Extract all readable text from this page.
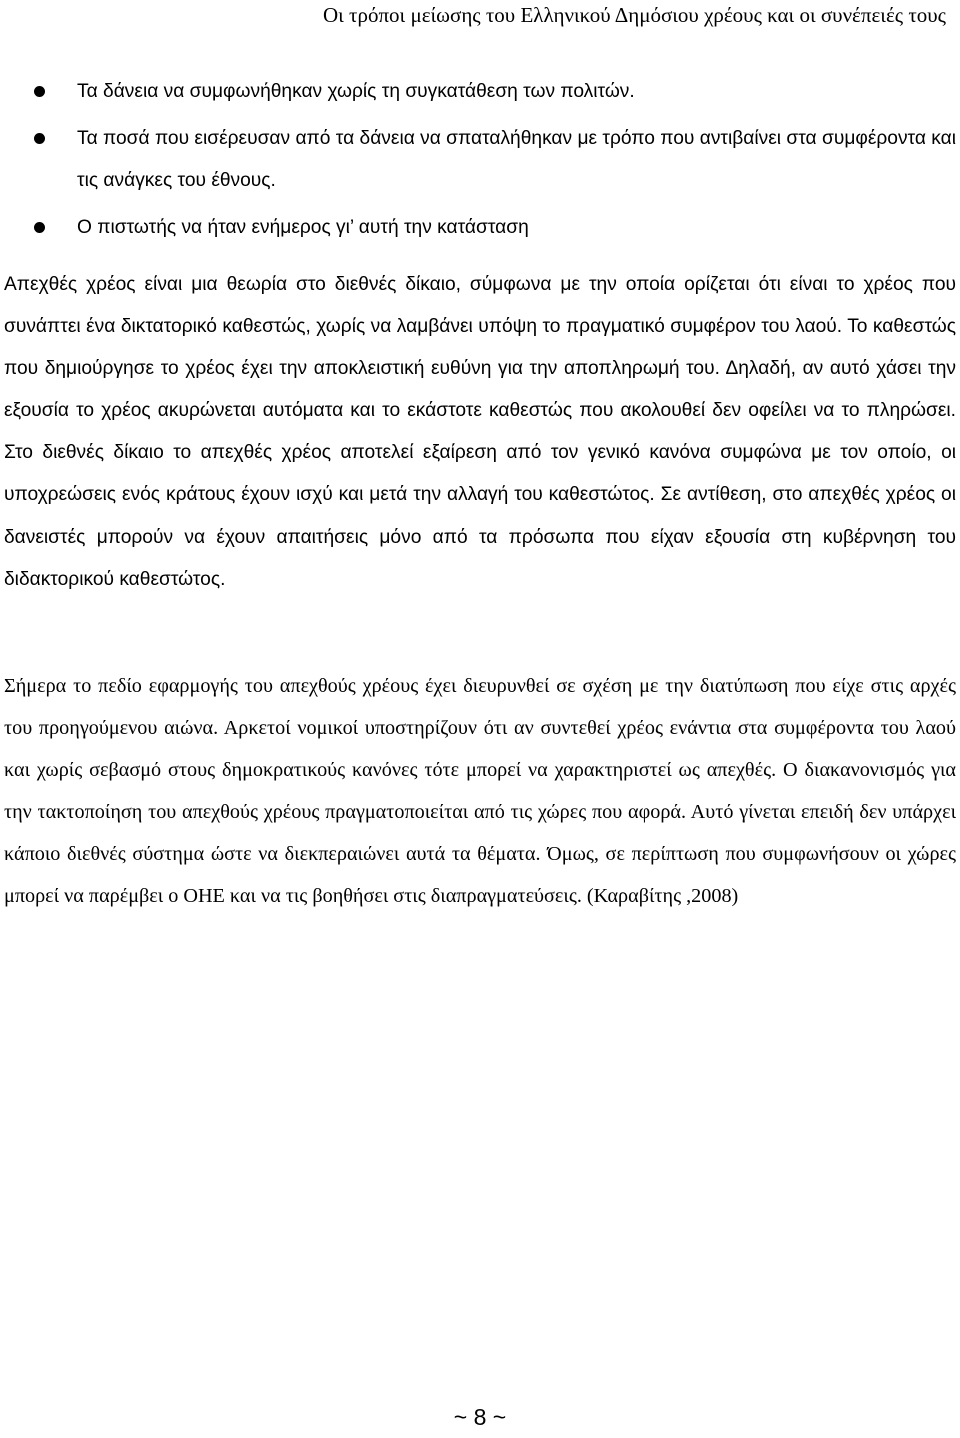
Οι τρόποι μείωσης του Ελληνικού Δημόσιου χρέους και οι συνέπειές τους
Τα δάνεια να συμφωνήθηκαν χωρίς τη συγκατάθεση των πολιτών.
Τα ποσά που εισέρευσαν από τα δάνεια να σπαταλήθηκαν με τρόπο που αντιβαίνει στα συμφέροντα και τις ανάγκες του έθνους.
Ο πιστωτής να ήταν ενήμερος γι’ αυτή την κατάσταση

Απεχθές χρέος είναι μια θεωρία στο διεθνές δίκαιο, σύμφωνα με την οποία ορίζεται ότι είναι το χρέος που συνάπτει ένα δικτατορικό καθεστώς, χωρίς να λαμβάνει υπόψη το πραγματικό συμφέρον του λαού. Το καθεστώς που δημιούργησε το χρέος έχει την αποκλειστική ευθύνη για την αποπληρωμή του. Δηλαδή, αν αυτό χάσει την εξουσία το χρέος ακυρώνεται αυτόματα και το εκάστοτε καθεστώς που ακολουθεί δεν οφείλει να το πληρώσει. Στο διεθνές δίκαιο το απεχθές χρέος αποτελεί εξαίρεση από τον γενικό κανόνα συμφώνα με τον οποίο, οι υποχρεώσεις ενός κράτους έχουν ισχύ και μετά την αλλαγή του καθεστώτος. Σε αντίθεση, στο απεχθές χρέος οι δανειστές μπορούν να έχουν απαιτήσεις μόνο από τα πρόσωπα που είχαν εξουσία στη κυβέρνηση του διδακτορικού καθεστώτος.

Σήμερα το πεδίο εφαρμογής του απεχθούς χρέους έχει διευρυνθεί σε σχέση με την διατύπωση που είχε στις αρχές του προηγούμενου αιώνα. Αρκετοί νομικοί υποστηρίζουν ότι αν συντεθεί χρέος ενάντια στα συμφέροντα του λαού και χωρίς σεβασμό στους δημοκρατικούς κανόνες τότε μπορεί να χαρακτηριστεί ως απεχθές. Ο διακανονισμός για την τακτοποίηση του απεχθούς χρέους πραγματοποιείται από τις χώρες που αφορά. Αυτό γίνεται επειδή δεν υπάρχει κάποιο διεθνές σύστημα ώστε να διεκπεραιώνει αυτά τα θέματα. Όμως, σε περίπτωση που συμφωνήσουν οι χώρες μπορεί να παρέμβει ο ΟΗΕ και να τις βοηθήσει στις διαπραγματεύσεις. (Καραβίτης ,2008)

~ 8 ~
